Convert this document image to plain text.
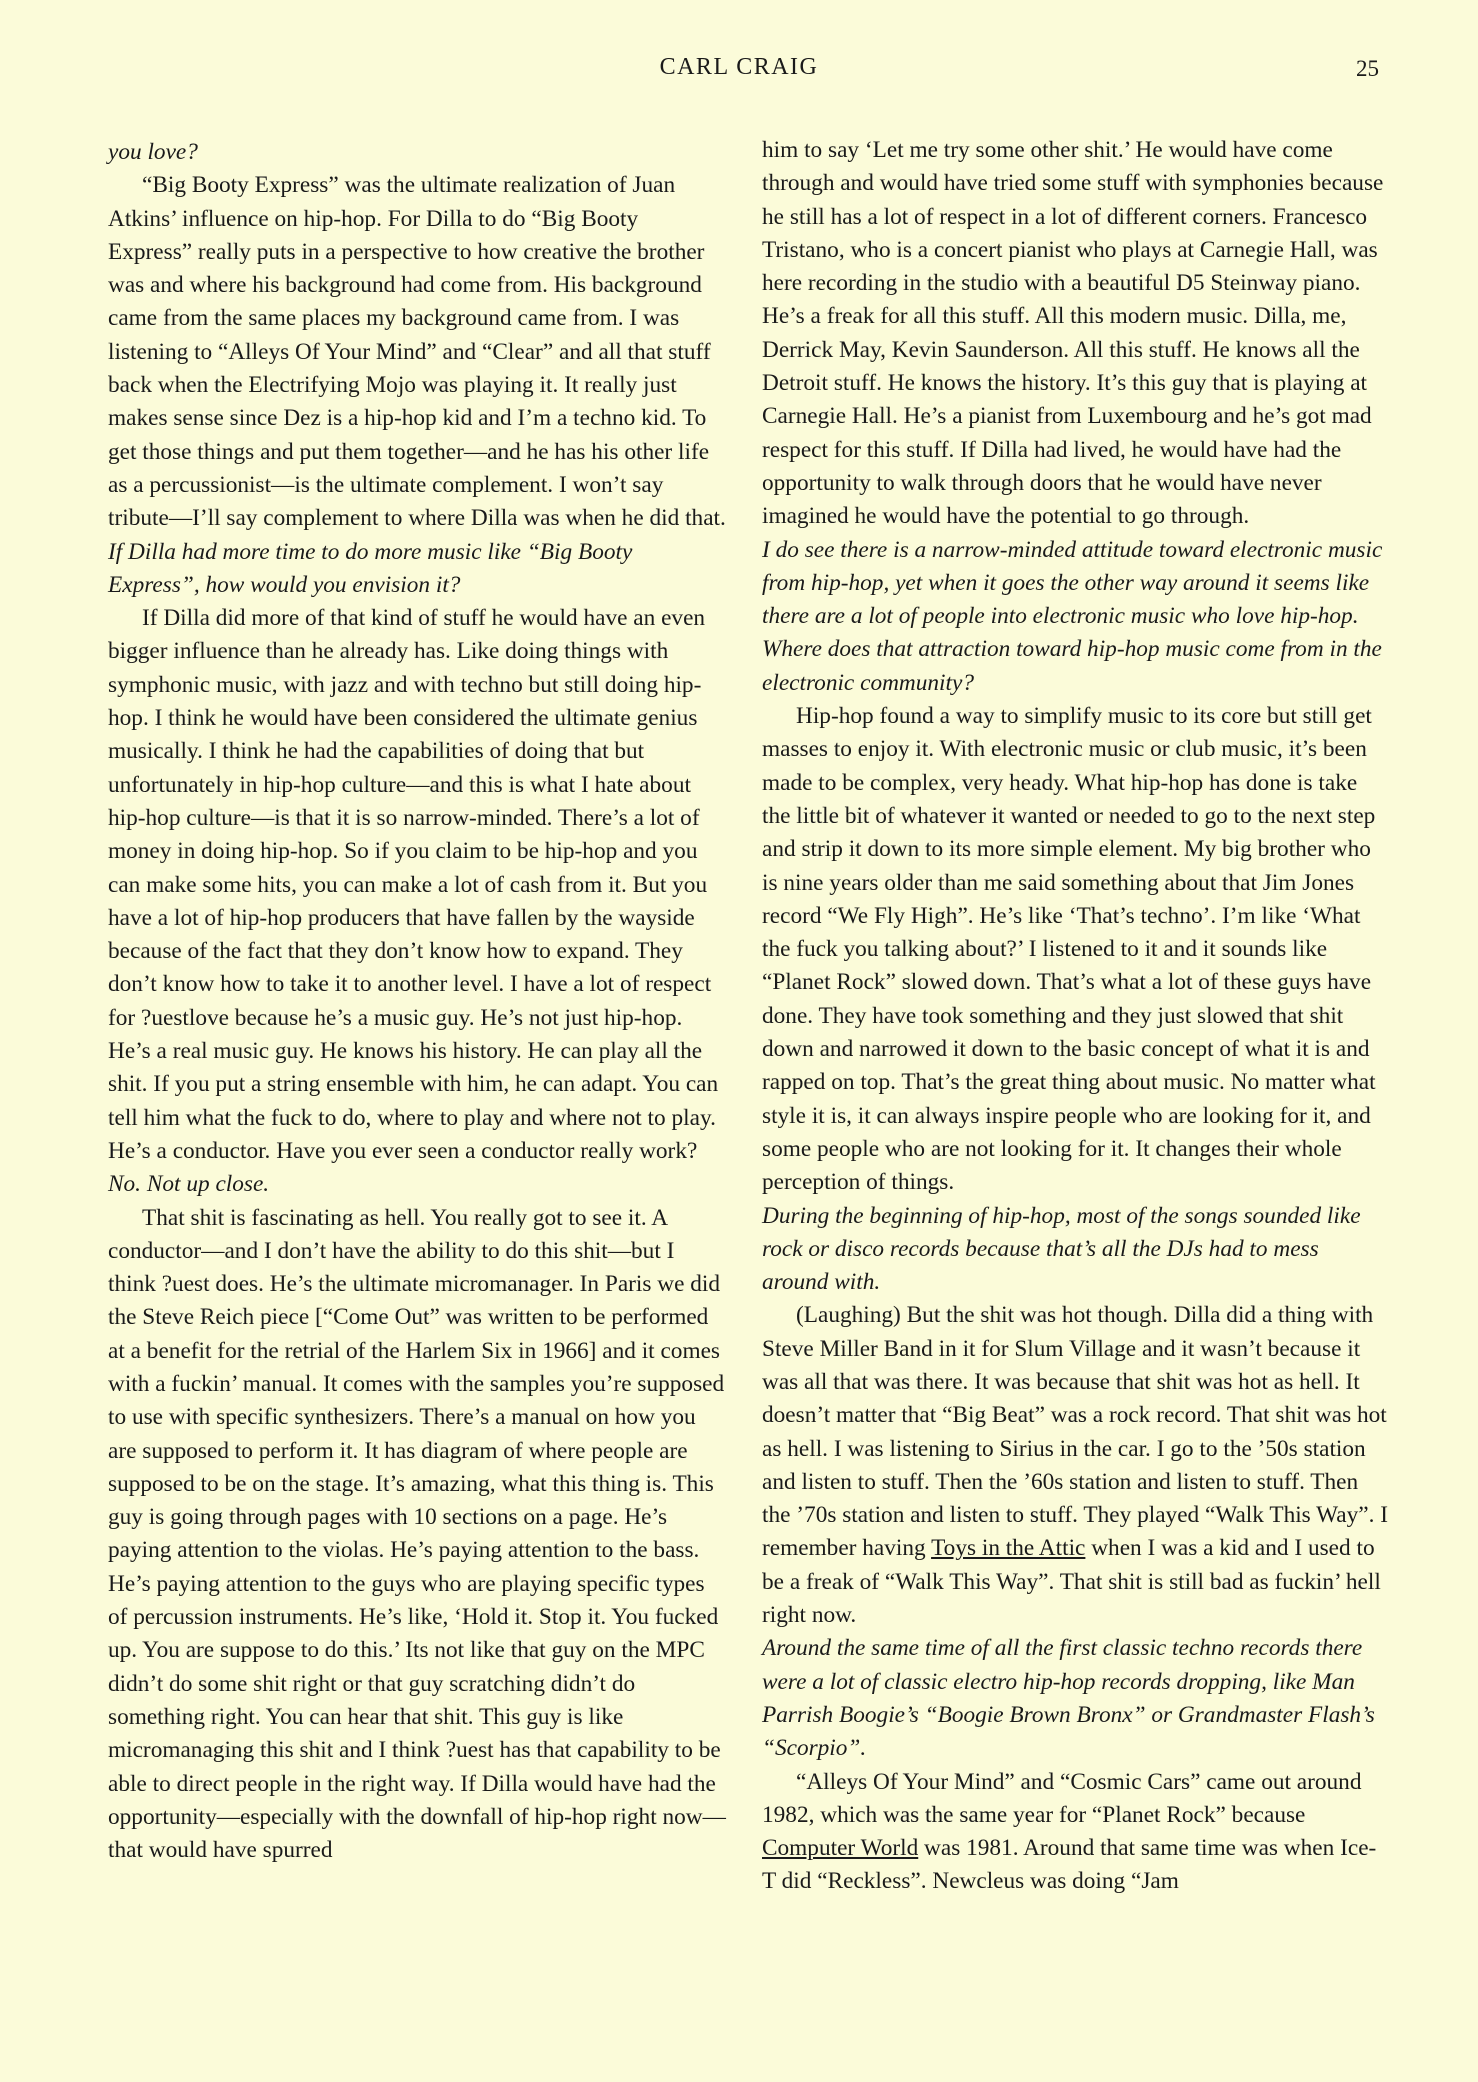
CARL CRAIG	25

you love?

“Big Booty Express” was the ultimate realization of Juan Atkins’ influence on hip-hop. For Dilla to do “Big Booty Express” really puts in a perspective to how creative the brother was and where his background had come from. His background came from the same places my background came from. I was listening to “Alleys Of Your Mind” and “Clear” and all that stuff back when the Electrifying Mojo was playing it. It really just makes sense since Dez is a hip-hop kid and I’m a techno kid. To get those things and put them together—and he has his other life as a percussionist—is the ultimate complement. I won’t say tribute—I’ll say complement to where Dilla was when he did that.

If Dilla had more time to do more music like “Big Booty Express”, how would you envision it?

If Dilla did more of that kind of stuff he would have an even bigger influence than he already has. Like doing things with symphonic music, with jazz and with techno but still doing hip-hop. I think he would have been considered the ultimate genius musically. I think he had the capabilities of doing that but unfortunately in hip-hop culture—and this is what I hate about hip-hop culture—is that it is so narrow-minded. There’s a lot of money in doing hip-hop. So if you claim to be hip-hop and you can make some hits, you can make a lot of cash from it. But you have a lot of hip-hop producers that have fallen by the wayside because of the fact that they don’t know how to expand. They don’t know how to take it to another level. I have a lot of respect for ?uestlove because he’s a music guy. He’s not just hip-hop. He’s a real music guy. He knows his history. He can play all the shit. If you put a string ensemble with him, he can adapt. You can tell him what the fuck to do, where to play and where not to play. He’s a conductor. Have you ever seen a conductor really work?

No. Not up close.

That shit is fascinating as hell. You really got to see it. A conductor—and I don’t have the ability to do this shit—but I think ?uest does. He’s the ultimate micromanager. In Paris we did the Steve Reich piece [“Come Out” was written to be performed at a benefit for the retrial of the Harlem Six in 1966] and it comes with a fuckin’ manual. It comes with the samples you’re supposed to use with specific synthesizers. There’s a manual on how you are supposed to perform it. It has diagram of where people are supposed to be on the stage. It’s amazing, what this thing is. This guy is going through pages with 10 sections on a page. He’s paying attention to the violas. He’s paying attention to the bass. He’s paying attention to the guys who are playing specific types of percussion instruments. He’s like, ‘Hold it. Stop it. You fucked up. You are suppose to do this.’ Its not like that guy on the MPC didn’t do some shit right or that guy scratching didn’t do something right. You can hear that shit. This guy is like micromanaging this shit and I think ?uest has that capability to be able to direct people in the right way. If Dilla would have had the opportunity—especially with the downfall of hip-hop right now—that would have spurred

him to say ‘Let me try some other shit.’ He would have come through and would have tried some stuff with symphonies because he still has a lot of respect in a lot of different corners. Francesco Tristano, who is a concert pianist who plays at Carnegie Hall, was here recording in the studio with a beautiful D5 Steinway piano. He’s a freak for all this stuff. All this modern music. Dilla, me, Derrick May, Kevin Saunderson. All this stuff. He knows all the Detroit stuff. He knows the history. It’s this guy that is playing at Carnegie Hall. He’s a pianist from Luxembourg and he’s got mad respect for this stuff. If Dilla had lived, he would have had the opportunity to walk through doors that he would have never imagined he would have the potential to go through.

I do see there is a narrow-minded attitude toward electronic music from hip-hop, yet when it goes the other way around it seems like there are a lot of people into electronic music who love hip-hop. Where does that attraction toward hip-hop music come from in the electronic community?

Hip-hop found a way to simplify music to its core but still get masses to enjoy it. With electronic music or club music, it’s been made to be complex, very heady. What hip-hop has done is take the little bit of whatever it wanted or needed to go to the next step and strip it down to its more simple element. My big brother who is nine years older than me said something about that Jim Jones record “We Fly High”. He’s like ‘That’s techno’. I’m like ‘What the fuck you talking about?’ I listened to it and it sounds like “Planet Rock” slowed down. That’s what a lot of these guys have done. They have took something and they just slowed that shit down and narrowed it down to the basic concept of what it is and rapped on top. That’s the great thing about music. No matter what style it is, it can always inspire people who are looking for it, and some people who are not looking for it. It changes their whole perception of things.

During the beginning of hip-hop, most of the songs sounded like rock or disco records because that’s all the DJs had to mess around with.

(Laughing) But the shit was hot though. Dilla did a thing with Steve Miller Band in it for Slum Village and it wasn’t because it was all that was there. It was because that shit was hot as hell. It doesn’t matter that “Big Beat” was a rock record. That shit was hot as hell. I was listening to Sirius in the car. I go to the ’50s station and listen to stuff. Then the ’60s station and listen to stuff. Then the ’70s station and listen to stuff. They played “Walk This Way”. I remember having Toys in the Attic when I was a kid and I used to be a freak of “Walk This Way”. That shit is still bad as fuckin’ hell right now.

Around the same time of all the first classic techno records there were a lot of classic electro hip-hop records dropping, like Man Parrish Boogie’s “Boogie Brown Bronx” or Grandmaster Flash’s “Scorpio”.

“Alleys Of Your Mind” and “Cosmic Cars” came out around 1982, which was the same year for “Planet Rock” because Computer World was 1981. Around that same time was when Ice-T did “Reckless”. Newcleus was doing “Jam
